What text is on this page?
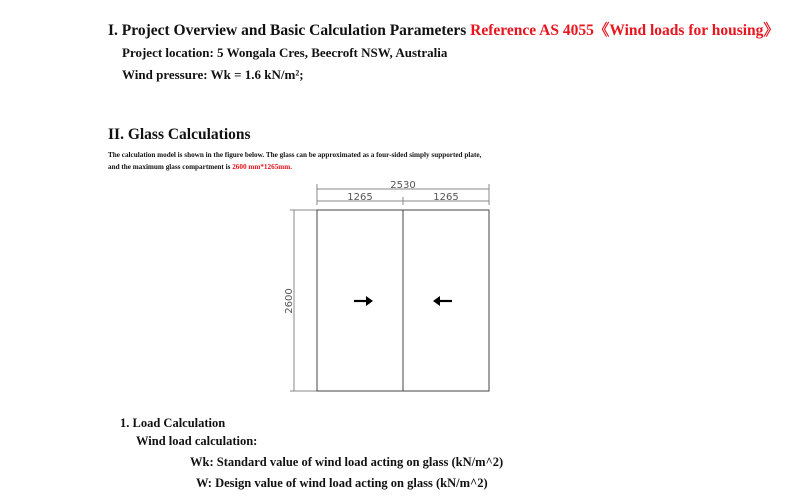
I. Project Overview and Basic Calculation Parameters Reference AS 4055《Wind loads for housing》
Project location: 5 Wongala Cres, Beecroft NSW, Australia
Wind pressure: Wk = 1.6 kN/m²;
II. Glass Calculations
The calculation model is shown in the figure below. The glass can be approximated as a four-sided simply supported plate,
and the maximum glass compartment is 2600 mm*1265mm.
2530
1265	1265
2600
1. Load Calculation
Wind load calculation:
Wk: Standard value of wind load acting on glass (kN/m^2)
W: Design value of wind load acting on glass (kN/m^2)
